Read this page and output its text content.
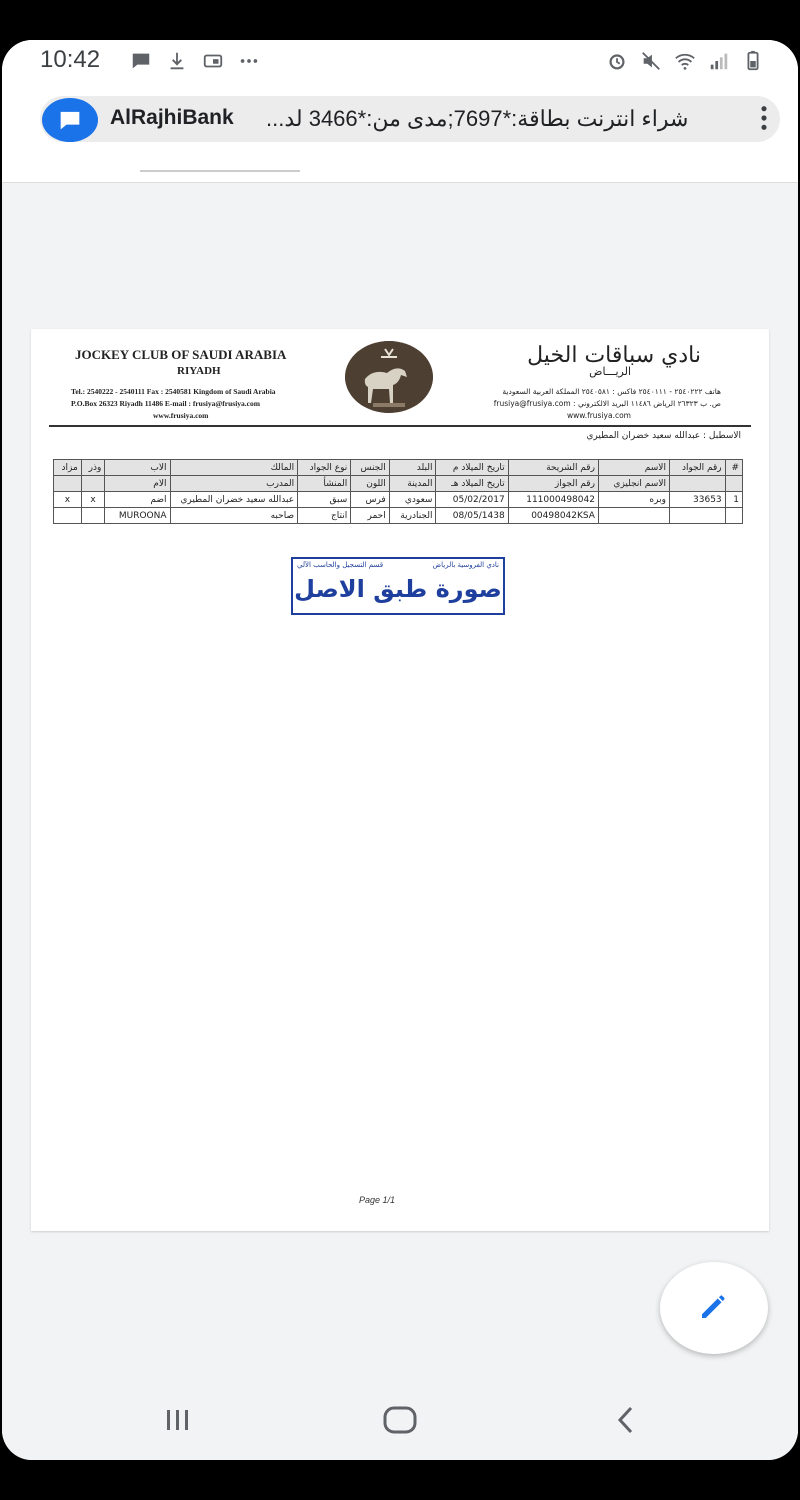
10:42
AlRajhiBank شراء انترنت بطاقة:*7697;مدى من:*3466 لد...
JOCKEY CLUB OF SAUDI ARABIA
RIYADH
Tel.: 2540222 - 2540111 Fax : 2540581 Kingdom of Saudi Arabia
P.O.Box 26323 Riyadh 11486 E-mail : frusiya@frusiya.com
www.frusiya.com
نادي سباقات الخيل
الريـــاض
هاتف ٢٥٤٠٢٢٢ - ٢٥٤٠١١١ فاكس : ٢٥٤٠٥٨١ المملكة العربية السعودية
ص. ب ٢٦٣٢٣ الرياض ١١٤٨٦ البريد الالكتروني : frusiya@frusiya.com
www.frusiya.com
الاسطبل : عبدالله سعيد خضران المطيري
#	رقم الجواد	الاسم	رقم الشريحة	تاريخ الميلاد م	البلد	الجنس	نوع الجواد	المالك	الاب	وذر	مزاد
		الاسم انجليزي	رقم الجواز	تاريخ الميلاد هـ	المدينة	اللون	المنشأ	المدرب	الام		
1	33653	وبره	111000498042	05/02/2017	سعودي	فرس	سبق	عبدالله سعيد خضران المطيري	اضم	x	x
			00498042KSA	08/05/1438	الجنادرية	احمر	انتاج	صاحبه	MUROONA		
نادي الفروسية بالرياض
قسم التسجيل والحاسب الآلي
صورة طبق الاصل
Page 1/1
